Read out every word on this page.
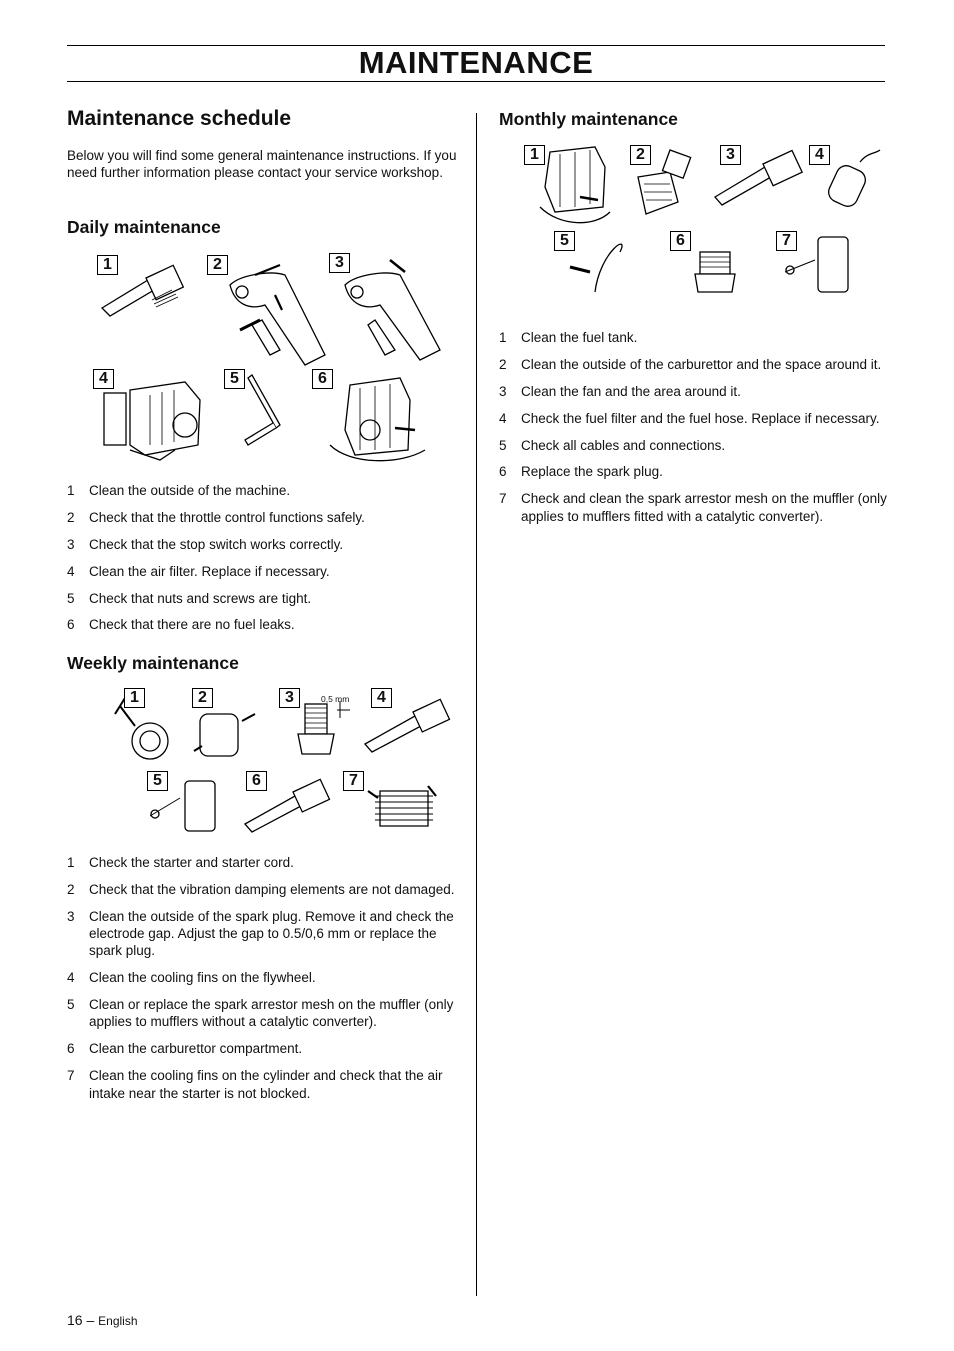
MAINTENANCE
Maintenance schedule
Below you will find some general maintenance instructions. If you need further information please contact your service workshop.
Daily maintenance
1	2	3
4	5	6
1 Clean the outside of the machine.
2 Check that the throttle control functions safely.
3 Check that the stop switch works correctly.
4 Clean the air filter. Replace if necessary.
5 Check that nuts and screws are tight.
6 Check that there are no fuel leaks.
Weekly maintenance
1	2	3	0,5 mm	4
5	6	7
1 Check the starter and starter cord.
2 Check that the vibration damping elements are not damaged.
3 Clean the outside of the spark plug. Remove it and check the electrode gap. Adjust the gap to 0.5/0,6 mm or replace the spark plug.
4 Clean the cooling fins on the flywheel.
5 Clean or replace the spark arrestor mesh on the muffler (only applies to mufflers without a catalytic converter).
6 Clean the carburettor compartment.
7 Clean the cooling fins on the cylinder and check that the air intake near the starter is not blocked.
Monthly maintenance
1	2	3	4
5	6	7
1 Clean the fuel tank.
2 Clean the outside of the carburettor and the space around it.
3 Clean the fan and the area around it.
4 Check the fuel filter and the fuel hose. Replace if necessary.
5 Check all cables and connections.
6 Replace the spark plug.
7 Check and clean the spark arrestor mesh on the muffler (only applies to mufflers fitted with a catalytic converter).
16 – English
